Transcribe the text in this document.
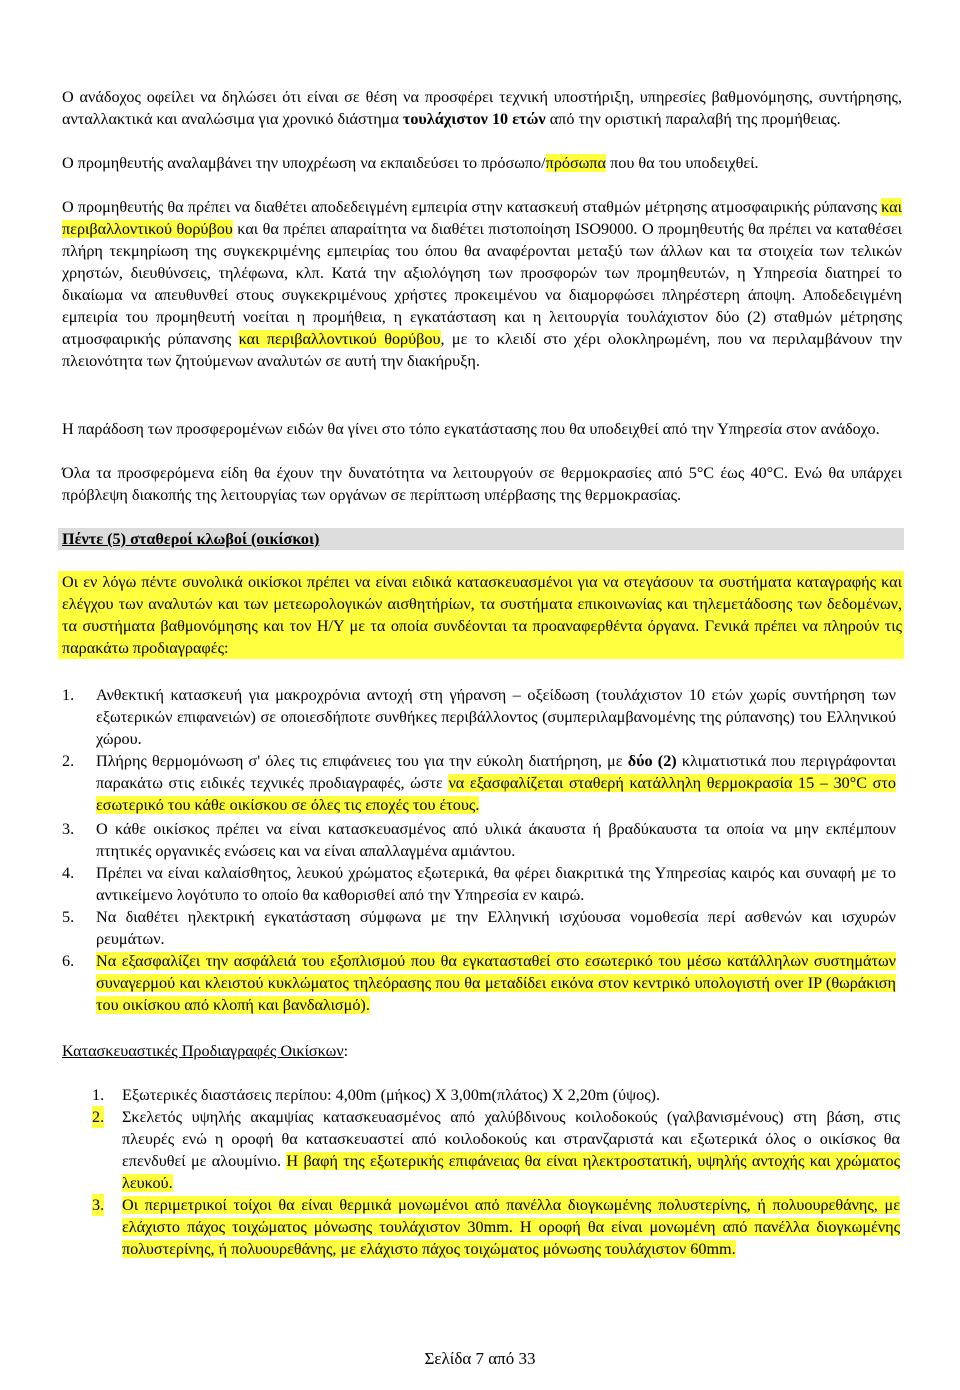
Ο ανάδοχος οφείλει να δηλώσει ότι είναι σε θέση να προσφέρει τεχνική υποστήριξη, υπηρεσίες βαθμονόμησης, συντήρησης, ανταλλακτικά και αναλώσιμα για χρονικό διάστημα τουλάχιστον 10 ετών από την οριστική παραλαβή της προμήθειας.

Ο προμηθευτής αναλαμβάνει την υποχρέωση να εκπαιδεύσει το πρόσωπο/πρόσωπα που θα του υποδειχθεί.

Ο προμηθευτής θα πρέπει να διαθέτει αποδεδειγμένη εμπειρία στην κατασκευή σταθμών μέτρησης ατμοσφαιρικής ρύπανσης και περιβαλλοντικού θορύβου και θα πρέπει απαραίτητα να διαθέτει πιστοποίηση ISO9000. Ο προμηθευτής θα πρέπει να καταθέσει πλήρη τεκμηρίωση της συγκεκριμένης εμπειρίας του όπου θα αναφέρονται μεταξύ των άλλων και τα στοιχεία των τελικών χρηστών, διευθύνσεις, τηλέφωνα, κλπ. Κατά την αξιολόγηση των προσφορών των προμηθευτών, η Υπηρεσία διατηρεί το δικαίωμα να απευθυνθεί στους συγκεκριμένους χρήστες προκειμένου να διαμορφώσει πληρέστερη άποψη. Αποδεδειγμένη εμπειρία του προμηθευτή νοείται η προμήθεια, η εγκατάσταση και η λειτουργία τουλάχιστον δύο (2) σταθμών μέτρησης ατμοσφαιρικής ρύπανσης και περιβαλλοντικού θορύβου, με το κλειδί στο χέρι ολοκληρωμένη, που να περιλαμβάνουν την πλειονότητα των ζητούμενων αναλυτών σε αυτή την διακήρυξη.

Η παράδοση των προσφερομένων ειδών θα γίνει στο τόπο εγκατάστασης που θα υποδειχθεί από την Υπηρεσία στον ανάδοχο.

Όλα τα προσφερόμενα είδη θα έχουν την δυνατότητα να λειτουργούν σε θερμοκρασίες από 5°C έως 40°C. Ενώ θα υπάρχει πρόβλεψη διακοπής της λειτουργίας των οργάνων σε περίπτωση υπέρβασης της θερμοκρασίας.

Πέντε (5) σταθεροί κλωβοί (οικίσκοι)

Οι εν λόγω πέντε συνολικά οικίσκοι πρέπει να είναι ειδικά κατασκευασμένοι για να στεγάσουν τα συστήματα καταγραφής και ελέγχου των αναλυτών και των μετεωρολογικών αισθητήρίων, τα συστήματα επικοινωνίας και τηλεμετάδοσης των δεδομένων, τα συστήματα βαθμονόμησης και τον Η/Υ με τα οποία συνδέονται τα προαναφερθέντα όργανα. Γενικά πρέπει να πληρούν τις παρακάτω προδιαγραφές:

1. Ανθεκτική κατασκευή για μακροχρόνια αντοχή στη γήρανση – οξείδωση (τουλάχιστον 10 ετών χωρίς συντήρηση των εξωτερικών επιφανειών) σε οποιεσδήποτε συνθήκες περιβάλλοντος (συμπεριλαμβανομένης της ρύπανσης) του Ελληνικού χώρου.

2. Πλήρης θερμομόνωση σ' όλες τις επιφάνειες του για την εύκολη διατήρηση, με δύο (2) κλιματιστικά που περιγράφονται παρακάτω στις ειδικές τεχνικές προδιαγραφές, ώστε να εξασφαλίζεται σταθερή κατάλληλη θερμοκρασία 15 – 30°C στο εσωτερικό του κάθε οικίσκου σε όλες τις εποχές του έτους.

3. Ο κάθε οικίσκος πρέπει να είναι κατασκευασμένος από υλικά άκαυστα ή βραδύκαυστα τα οποία να μην εκπέμπουν πτητικές οργανικές ενώσεις και να είναι απαλλαγμένα αμιάντου.

4. Πρέπει να είναι καλαίσθητος, λευκού χρώματος εξωτερικά, θα φέρει διακριτικά της Υπηρεσίας καιρός και συναφή με το αντικείμενο λογότυπο το οποίο θα καθορισθεί από την Υπηρεσία εν καιρώ.

5. Να διαθέτει ηλεκτρική εγκατάσταση σύμφωνα με την Ελληνική ισχύουσα νομοθεσία περί ασθενών και ισχυρών ρευμάτων.

6. Να εξασφαλίζει την ασφάλειά του εξοπλισμού που θα εγκατασταθεί στο εσωτερικό του μέσω κατάλληλων συστημάτων συναγερμού και κλειστού κυκλώματος τηλεόρασης που θα μεταδίδει εικόνα στον κεντρικό υπολογιστή over IP (θωράκιση του οικίσκου από κλοπή και βανδαλισμό).

Κατασκευαστικές Προδιαγραφές Οικίσκων:

1. Εξωτερικές διαστάσεις περίπου: 4,00m (μήκος) Χ 3,00m(πλάτος) Χ 2,20m (ύψος).

2. Σκελετός υψηλής ακαμψίας κατασκευασμένος από χαλύβδινους κοιλοδοκούς (γαλβανισμένους) στη βάση, στις πλευρές ενώ η οροφή θα κατασκευαστεί από κοιλοδοκούς και στρανζαριστά και εξωτερικά όλος ο οικίσκος θα επενδυθεί με αλουμίνιο. Η βαφή της εξωτερικής επιφάνειας θα είναι ηλεκτροστατική, υψηλής αντοχής και χρώματος λευκού.

3. Οι περιμετρικοί τοίχοι θα είναι θερμικά μονωμένοι από πανέλλα διογκωμένης πολυστερίνης, ή πολυουρεθάνης, με ελάχιστο πάχος τοιχώματος μόνωσης τουλάχιστον 30mm. Η οροφή θα είναι μονωμένη από πανέλλα διογκωμένης πολυστερίνης, ή πολυουρεθάνης, με ελάχιστο πάχος τοιχώματος μόνωσης τουλάχιστον 60mm.

Σελίδα 7 από 33
